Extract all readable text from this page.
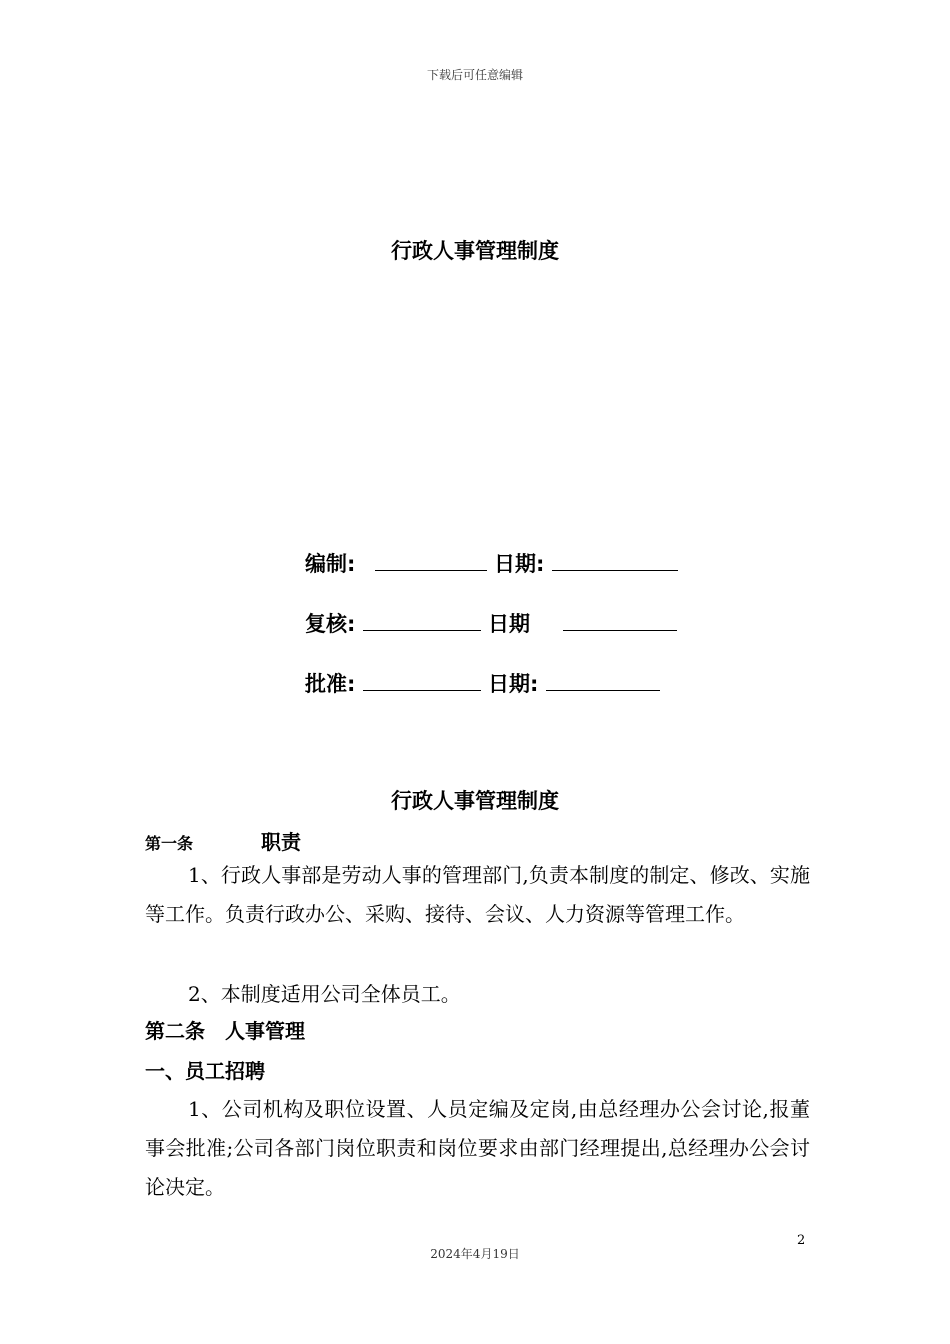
下载后可任意编辑
行政人事管理制度
编制:	日期:
复核:	日期
批准:	日期:
行政人事管理制度
第一条	职责
1、行政人事部是劳动人事的管理部门,负责本制度的制定、修改、实施等工作。负责行政办公、采购、接待、会议、人力资源等管理工作。
2、本制度适用公司全体员工。
第二条　人事管理
一、员工招聘
1、公司机构及职位设置、人员定编及定岗,由总经理办公会讨论,报董事会批准;公司各部门岗位职责和岗位要求由部门经理提出,总经理办公会讨论决定。
2
2024年4月19日
